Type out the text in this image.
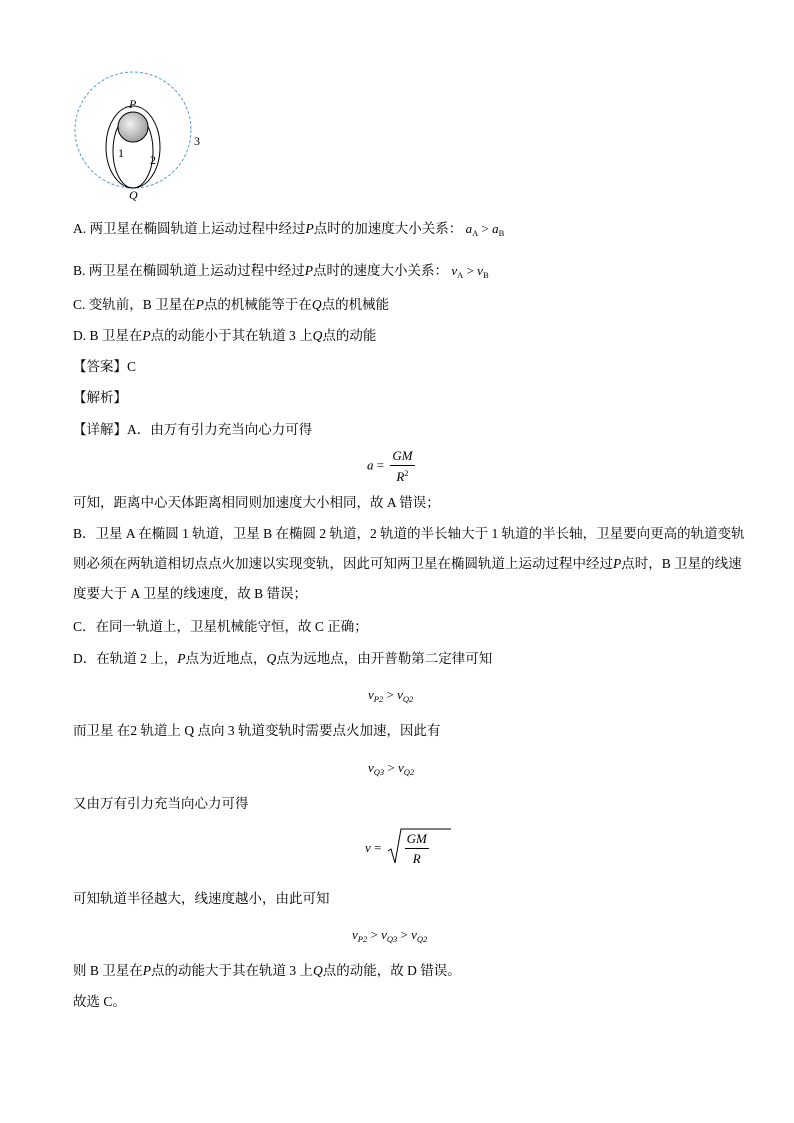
P
Q
1 2
3
A. 两卫星在椭圆轨道上运动过程中经过P点时的加速度大小关系： $a_A > a_B$
B. 两卫星在椭圆轨道上运动过程中经过P点时的速度大小关系： $v_A > v_B$
C. 变轨前，B 卫星在P点的机械能等于在Q点的机械能
D. B 卫星在P点的动能小于其在轨道 3 上Q点的动能
【答案】C
【解析】
【详解】A．由万有引力充当向心力可得
$a = \frac{GM}{R^2}$
可知，距离中心天体距离相同则加速度大小相同，故 A 错误；
B．卫星 A 在椭圆 1 轨道，卫星 B 在椭圆 2 轨道，2 轨道的半长轴大于 1 轨道的半长轴，卫星要向更高的轨道变轨则必须在两轨道相切点点火加速以实现变轨，因此可知两卫星在椭圆轨道上运动过程中经过P点时，B 卫星的线速度要大于 A 卫星的线速度，故 B 错误；
C．在同一轨道上，卫星机械能守恒，故 C 正确；
D．在轨道 2 上，P点为近地点，Q点为远地点，由开普勒第二定律可知
$v_{P2} > v_{Q2}$
而卫星 在2 轨道上 Q 点向 3 轨道变轨时需要点火加速，因此有
$v_{Q3} > v_{Q2}$
又由万有引力充当向心力可得
$v = \frac{GM}{R}$
可知轨道半径越大，线速度越小，由此可知
$v_{P2} > v_{Q3} > v_{Q2}$
则 B 卫星在P点的动能大于其在轨道 3 上Q点的动能，故 D 错误。
故选 C。
